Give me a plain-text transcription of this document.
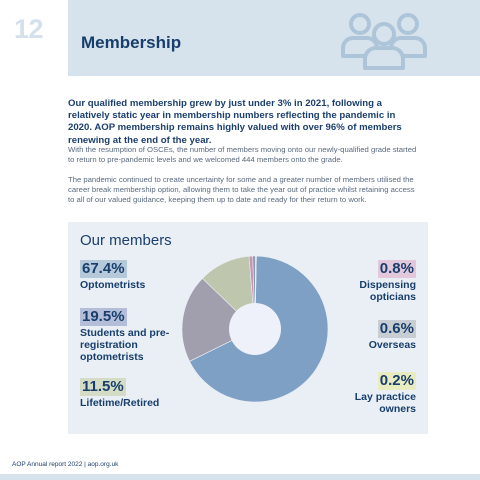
12 Membership

Our qualified membership grew by just under 3% in 2021, following a relatively static year in membership numbers reflecting the pandemic in 2020. AOP membership remains highly valued with over 96% of members renewing at the end of the year.

With the resumption of OSCEs, the number of members moving onto our newly-qualified grade started to return to pre-pandemic levels and we welcomed 444 members onto the grade.

The pandemic continued to create uncertainty for some and a greater number of members utilised the career break membership option, allowing them to take the year out of practice whilst retaining access to all of our valued guidance, keeping them up to date and ready for their return to work.

Our members
67.4%
Optometrists
19.5%
Students and pre-registration optometrists
11.5%
Lifetime/Retired
0.8%
Dispensing opticians
0.6%
Overseas
0.2%
Lay practice owners
AOP Annual report 2022 | aop.org.uk
